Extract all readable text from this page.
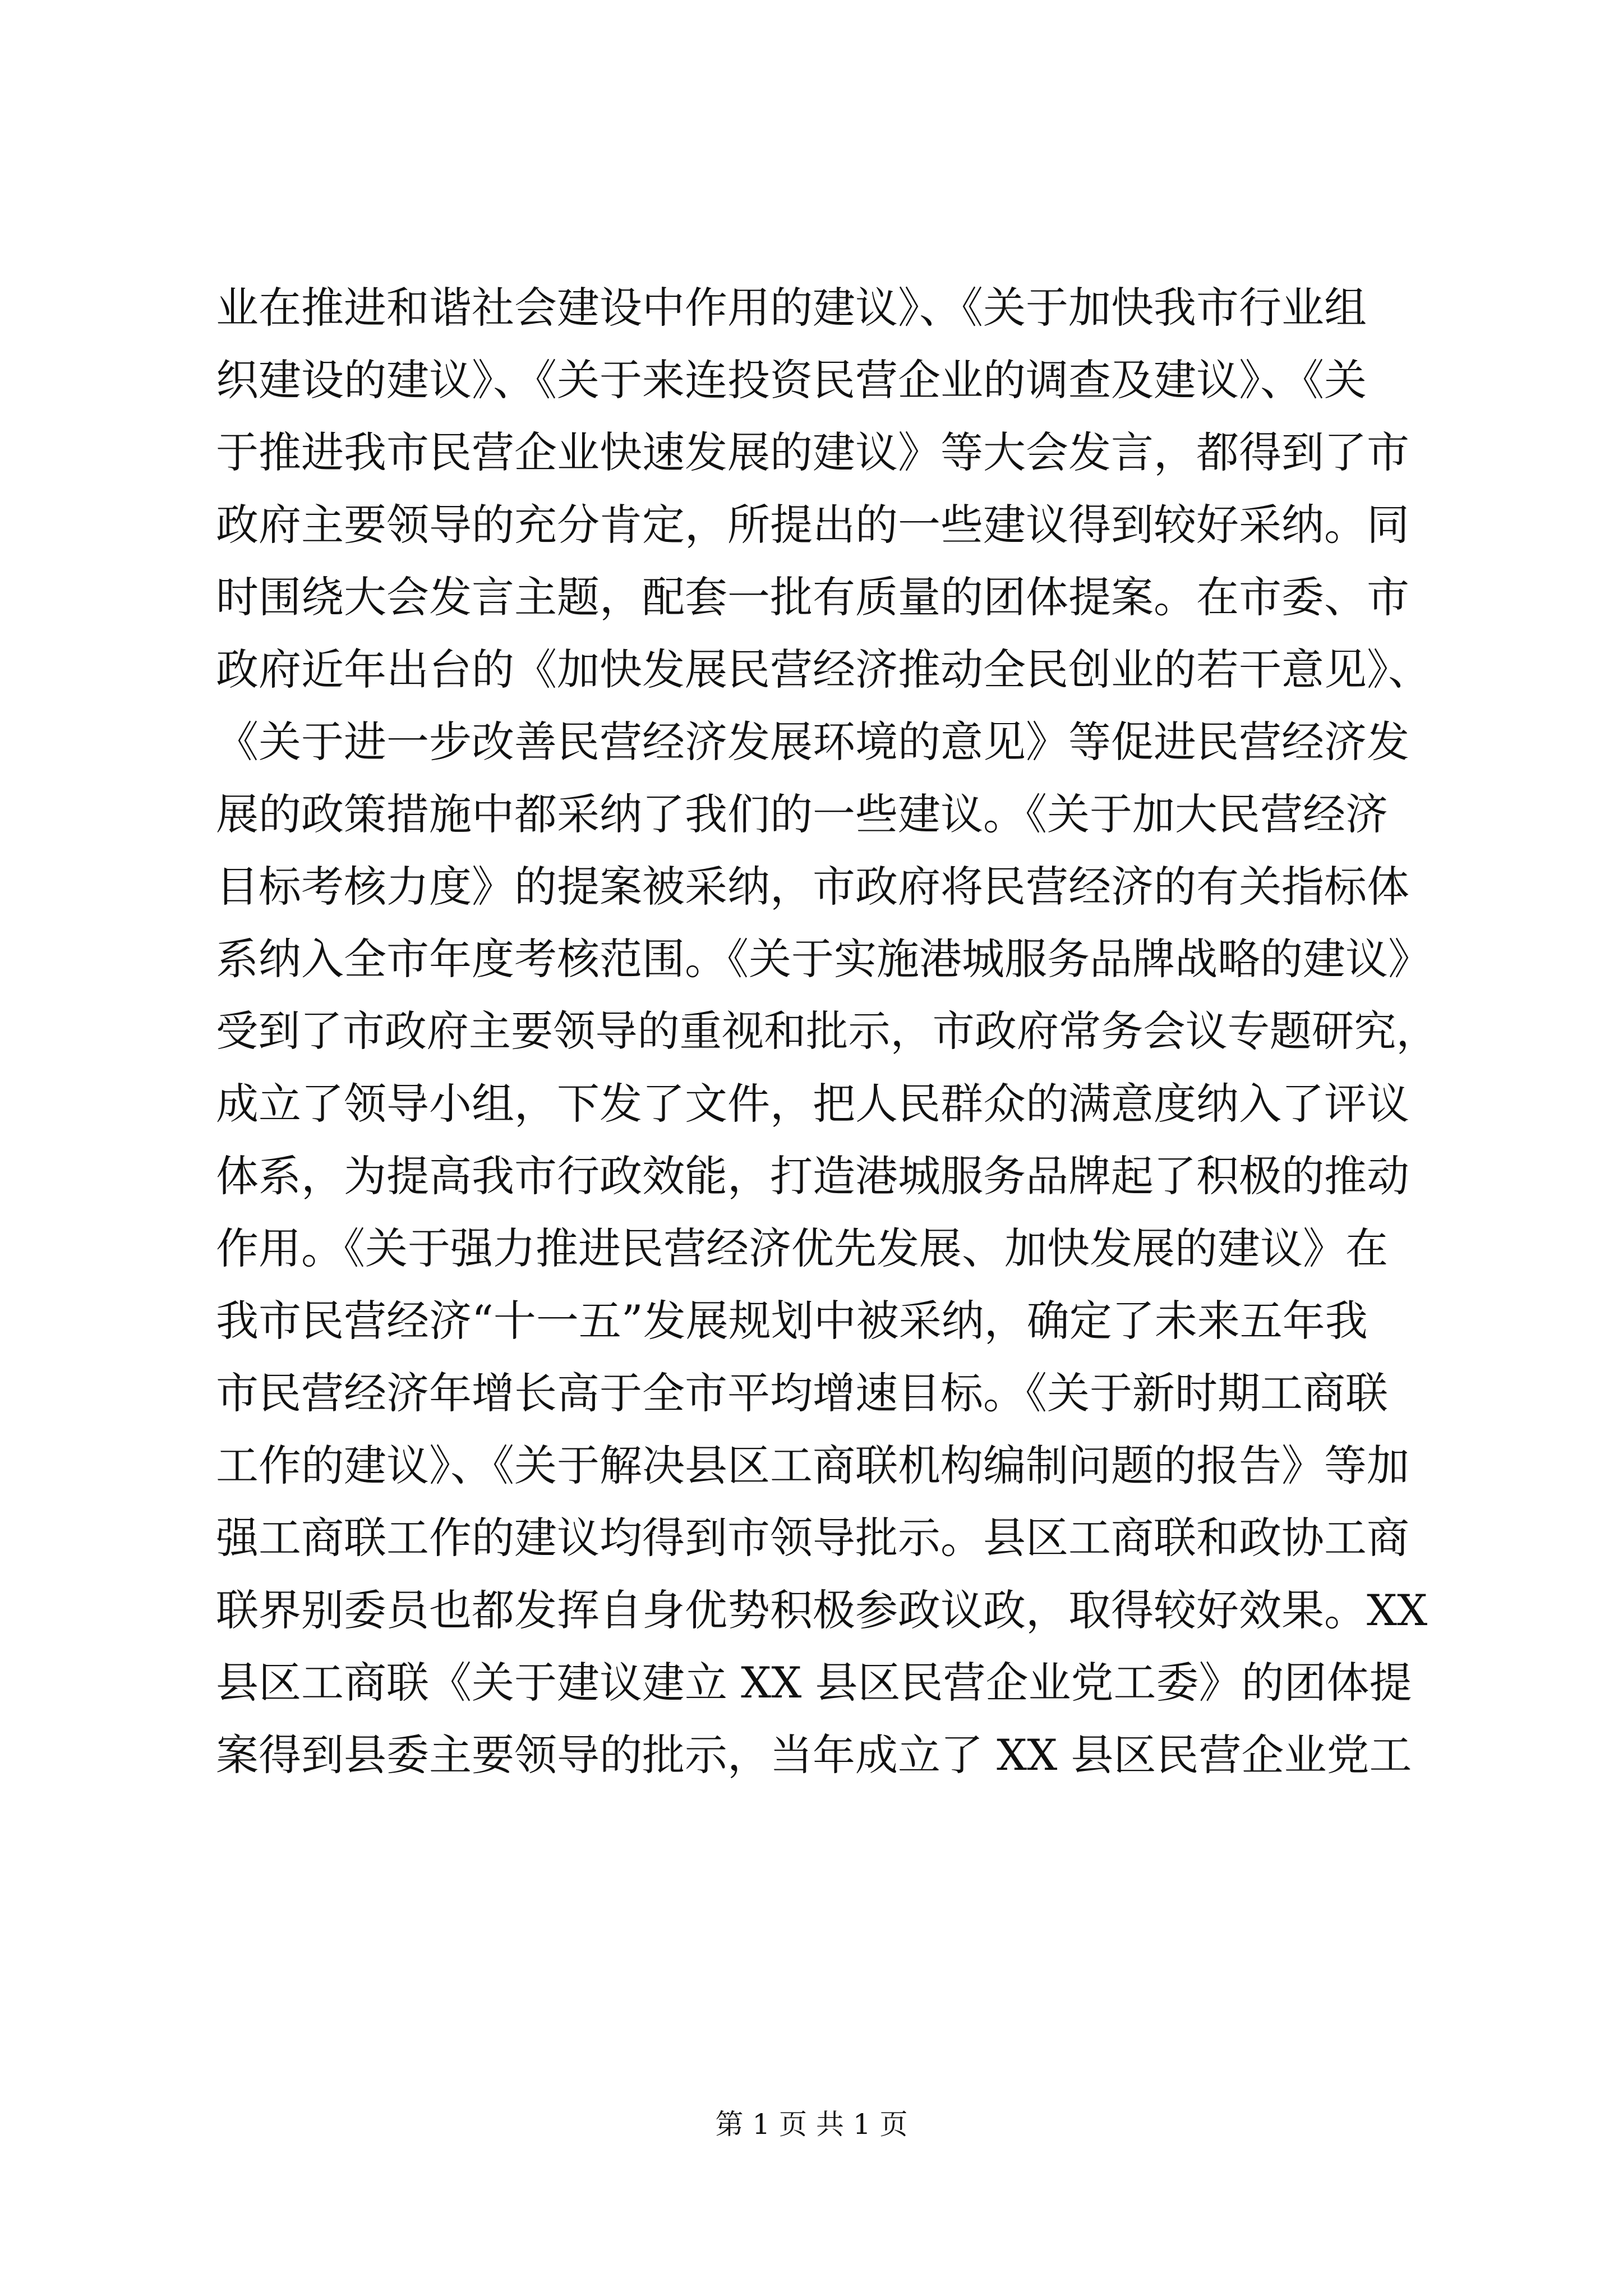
业在推进和谐社会建设中作用的建议》、《关于加快我市行业组
织建设的建议》、《关于来连投资民营企业的调查及建议》、《关
于推进我市民营企业快速发展的建议》等大会发言，都得到了市
政府主要领导的充分肯定，所提出的一些建议得到较好采纳。同
时围绕大会发言主题，配套一批有质量的团体提案。在市委、市
政府近年出台的《加快发展民营经济推动全民创业的若干意见》、
《关于进一步改善民营经济发展环境的意见》等促进民营经济发
展的政策措施中都采纳了我们的一些建议。《关于加大民营经济
目标考核力度》的提案被采纳，市政府将民营经济的有关指标体
系纳入全市年度考核范围。《关于实施港城服务品牌战略的建议》
受到了市政府主要领导的重视和批示，市政府常务会议专题研究，
成立了领导小组，下发了文件，把人民群众的满意度纳入了评议
体系，为提高我市行政效能，打造港城服务品牌起了积极的推动
作用。《关于强力推进民营经济优先发展、加快发展的建议》在
我市民营经济“十一五”发展规划中被采纳，确定了未来五年我
市民营经济年增长高于全市平均增速目标。《关于新时期工商联
工作的建议》、《关于解决县区工商联机构编制问题的报告》等加
强工商联工作的建议均得到市领导批示。县区工商联和政协工商
联界别委员也都发挥自身优势积极参政议政，取得较好效果。XX
县区工商联《关于建议建立 XX 县区民营企业党工委》的团体提
案得到县委主要领导的批示，当年成立了 XX 县区民营企业党工
第 1 页 共 1 页
